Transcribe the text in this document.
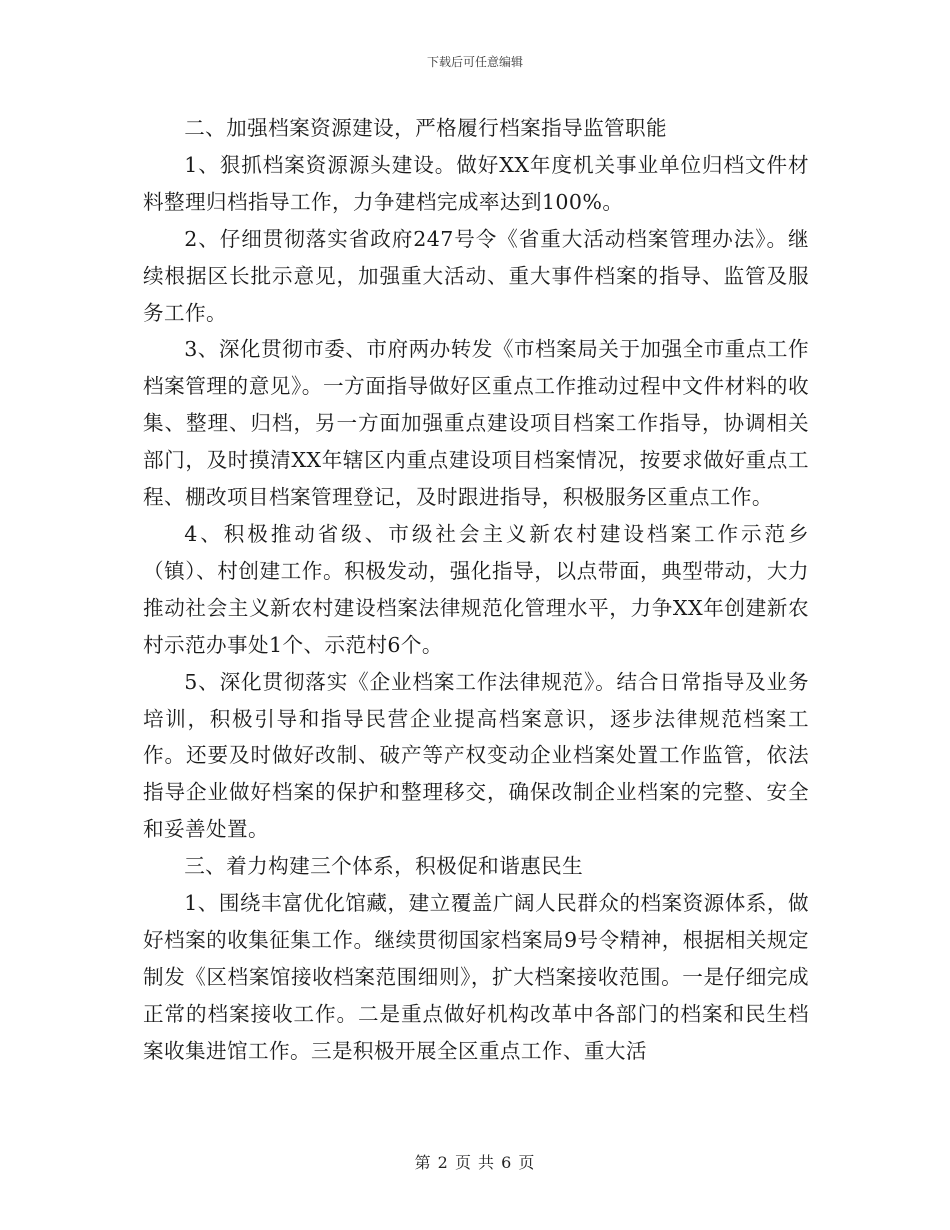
下载后可任意编辑

二、加强档案资源建设，严格履行档案指导监管职能

1、狠抓档案资源源头建设。做好XX年度机关事业单位归档文件材料整理归档指导工作，力争建档完成率达到100%。

2、仔细贯彻落实省政府247号令《省重大活动档案管理办法》。继续根据区长批示意见，加强重大活动、重大事件档案的指导、监管及服务工作。

3、深化贯彻市委、市府两办转发《市档案局关于加强全市重点工作档案管理的意见》。一方面指导做好区重点工作推动过程中文件材料的收集、整理、归档，另一方面加强重点建设项目档案工作指导，协调相关部门，及时摸清XX年辖区内重点建设项目档案情况，按要求做好重点工程、棚改项目档案管理登记，及时跟进指导，积极服务区重点工作。

4、积极推动省级、市级社会主义新农村建设档案工作示范乡（镇）、村创建工作。积极发动，强化指导，以点带面，典型带动，大力推动社会主义新农村建设档案法律规范化管理水平，力争XX年创建新农村示范办事处1个、示范村6个。

5、深化贯彻落实《企业档案工作法律规范》。结合日常指导及业务培训，积极引导和指导民营企业提高档案意识，逐步法律规范档案工作。还要及时做好改制、破产等产权变动企业档案处置工作监管，依法指导企业做好档案的保护和整理移交，确保改制企业档案的完整、安全和妥善处置。

三、着力构建三个体系，积极促和谐惠民生

1、围绕丰富优化馆藏，建立覆盖广阔人民群众的档案资源体系，做好档案的收集征集工作。继续贯彻国家档案局9号令精神，根据相关规定制发《区档案馆接收档案范围细则》，扩大档案接收范围。一是仔细完成正常的档案接收工作。二是重点做好机构改革中各部门的档案和民生档案收集进馆工作。三是积极开展全区重点工作、重大活

第 2 页 共 6 页
